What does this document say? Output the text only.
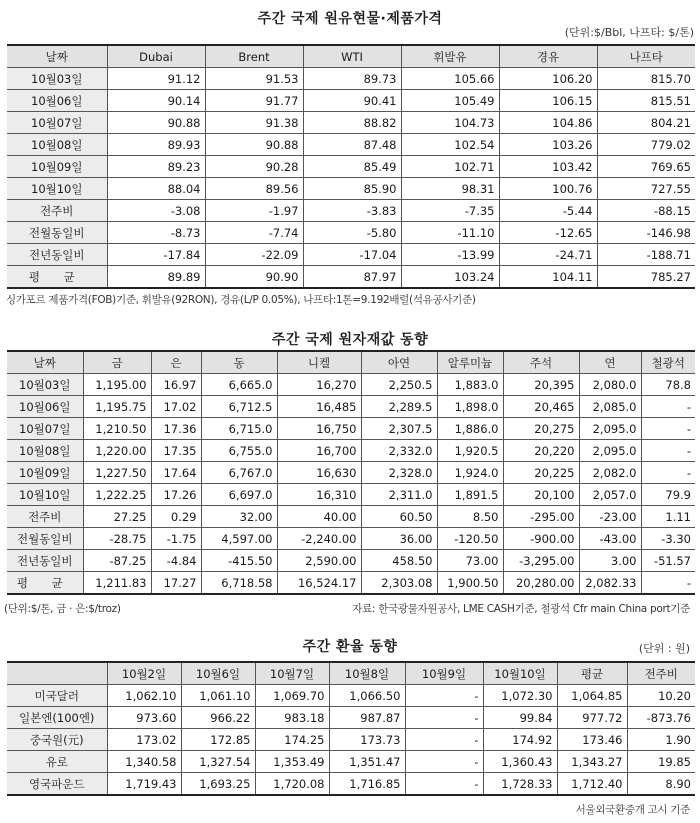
주간 국제 원유현물·제품가격
(단위:$/Bbl, 나프타: $/톤)
날짜	Dubai	Brent	WTI	휘발유	경유	나프타
10월03일	91.12	91.53	89.73	105.66	106.20	815.70
10월06일	90.14	91.77	90.41	105.49	106.15	815.51
10월07일	90.88	91.38	88.82	104.73	104.86	804.21
10월08일	89.93	90.88	87.48	102.54	103.26	779.02
10월09일	89.23	90.28	85.49	102.71	103.42	769.65
10월10일	88.04	89.56	85.90	98.31	100.76	727.55
전주비	-3.08	-1.97	-3.83	-7.35	-5.44	-88.15
전월동일비	-8.73	-7.74	-5.80	-11.10	-12.65	-146.98
전년동일비	-17.84	-22.09	-17.04	-13.99	-24.71	-188.71
평 균	89.89	90.90	87.97	103.24	104.11	785.27
싱가포르 제품가격(FOB)기준, 휘발유(92RON), 경유(L/P 0.05%), 나프타:1톤=9.192배럴(석유공사기준)
주간 국제 원자재값 동향
날짜	금	은	동	니켈	아연	알루미늄	주석	연	철광석
10월03일	1,195.00	16.97	6,665.0	16,270	2,250.5	1,883.0	20,395	2,080.0	78.8
10월06일	1,195.75	17.02	6,712.5	16,485	2,289.5	1,898.0	20,465	2,085.0	-
10월07일	1,210.50	17.36	6,715.0	16,750	2,307.5	1,886.0	20,275	2,095.0	-
10월08일	1,220.00	17.35	6,755.0	16,700	2,332.0	1,920.5	20,220	2,095.0	-
10월09일	1,227.50	17.64	6,767.0	16,630	2,328.0	1,924.0	20,225	2,082.0	-
10월10일	1,222.25	17.26	6,697.0	16,310	2,311.0	1,891.5	20,100	2,057.0	79.9
전주비	27.25	0.29	32.00	40.00	60.50	8.50	-295.00	-23.00	1.11
전월동일비	-28.75	-1.75	4,597.00	-2,240.00	36.00	-120.50	-900.00	-43.00	-3.30
전년동일비	-87.25	-4.84	-415.50	2,590.00	458.50	73.00	-3,295.00	3.00	-51.57
평 균	1,211.83	17.27	6,718.58	16,524.17	2,303.08	1,900.50	20,280.00	2,082.33	-
(단위:$/톤, 금 · 은:$/troz)	자료: 한국광물자원공사, LME CASH기준, 철광석 Cfr main China port기준
주간 환율 동향	(단위 : 원)
	10월2일	10월6일	10월7일	10월8일	10월9일	10월10일	평균	전주비
미국달러	1,062.10	1,061.10	1,069.70	1,066.50	-	1,072.30	1,064.85	10.20
일본엔(100엔)	973.60	966.22	983.18	987.87	-	99.84	977.72	-873.76
중국원(元)	173.02	172.85	174.25	173.73	-	174.92	173.46	1.90
유로	1,340.58	1,327.54	1,353.49	1,351.47	-	1,360.43	1,343.27	19.85
영국파운드	1,719.43	1,693.25	1,720.08	1,716.85	-	1,728.33	1,712.40	8.90
서울외국환중개 고시 기준
